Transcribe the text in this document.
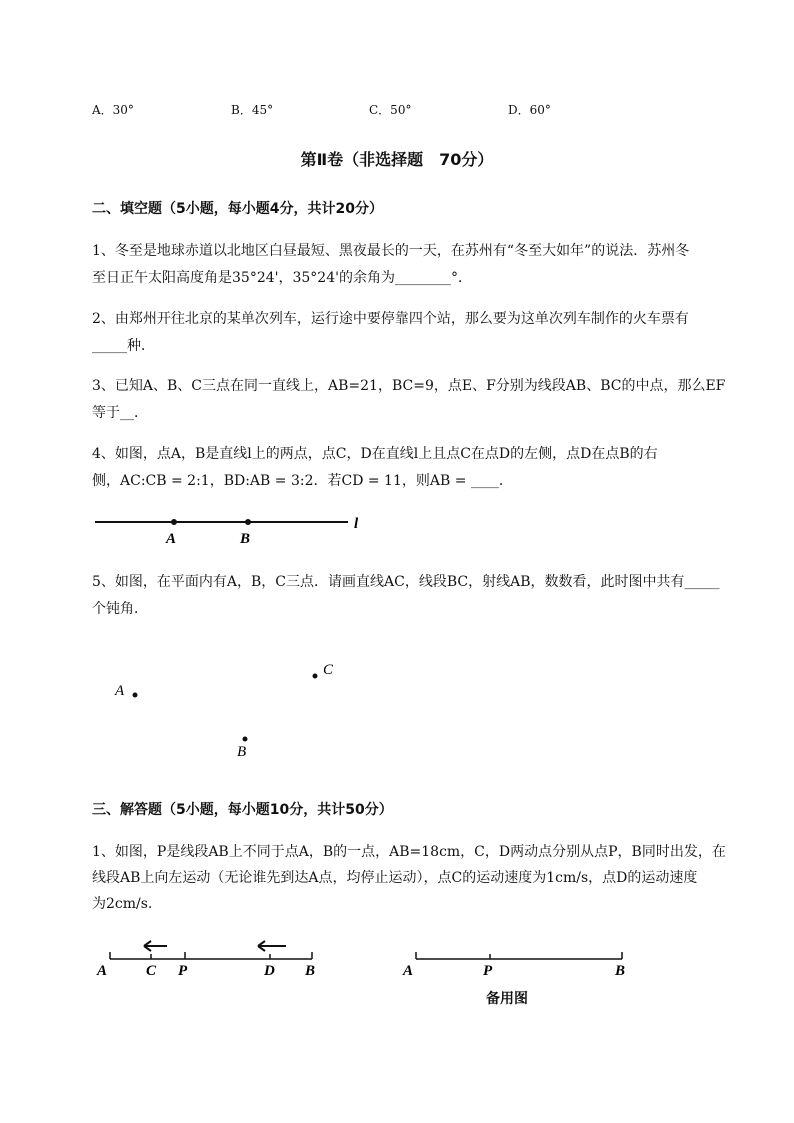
A．30°	B．45°	C．50°	D．60°
第Ⅱ卷（非选择题　70分）
二、填空题（5小题，每小题4分，共计20分）
1、冬至是地球赤道以北地区白昼最短、黑夜最长的一天，在苏州有“冬至大如年”的说法．苏州冬
至日正午太阳高度角是35°24'，35°24'的余角为________°．
2、由郑州开往北京的某单次列车，运行途中要停靠四个站，那么要为这单次列车制作的火车票有
_____种．
3、已知A、B、C三点在同一直线上，AB=21，BC=9，点E、F分别为线段AB、BC的中点，那么EF
等于__．
4、如图，点A，B是直线l上的两点，点C，D在直线l上且点C在点D的左侧，点D在点B的右
侧，AC:CB = 2:1，BD:AB = 3:2．若CD = 11，则AB = ____．
l
A	B
5、如图，在平面内有A，B，C三点．请画直线AC，线段BC，射线AB，数数看，此时图中共有_____
个钝角．
A
C
B
三、解答题（5小题，每小题10分，共计50分）
1、如图，P是线段AB上不同于点A，B的一点，AB=18cm，C，D两动点分别从点P，B同时出发，在
线段AB上向左运动（无论谁先到达A点，均停止运动），点C的运动速度为1cm/s，点D的运动速度
为2cm/s.
A	C P	D B	A	P	B
备用图
